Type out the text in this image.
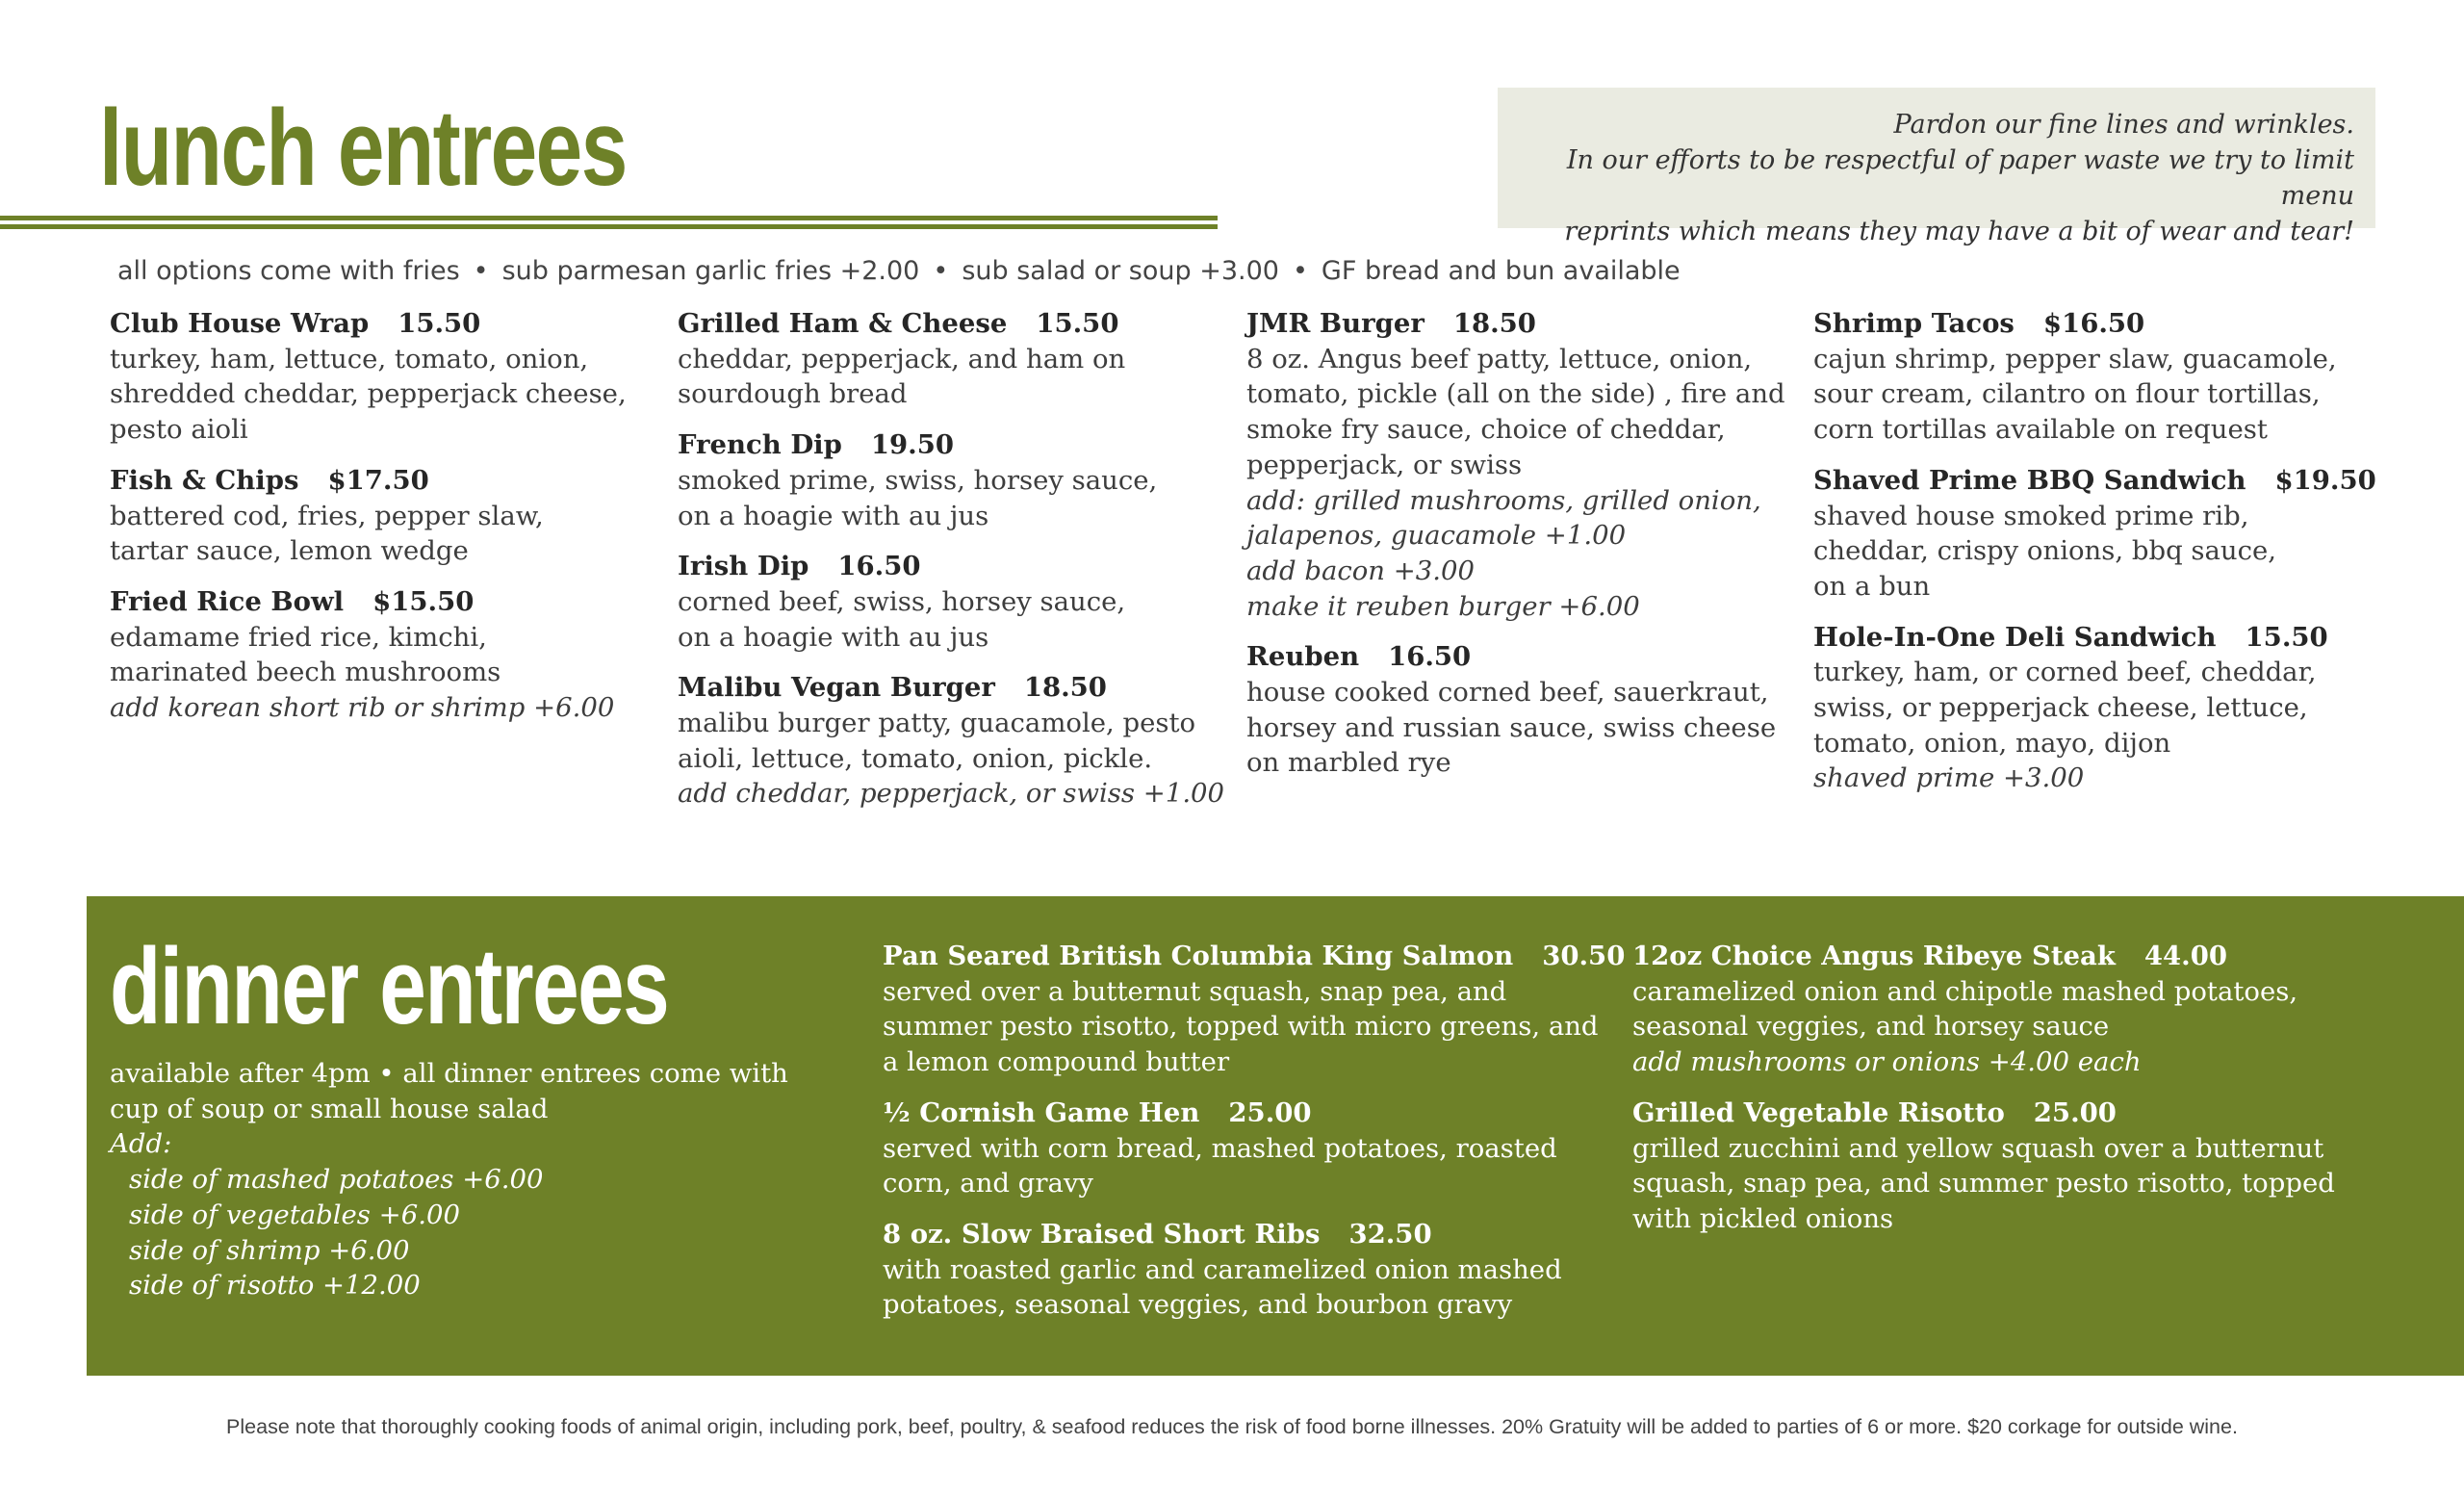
lunch entrees	Pardon our fine lines and wrinkles.
In our efforts to be respectful of paper waste we try to limit menu
reprints which means they may have a bit of wear and tear!
all options come with fries • sub parmesan garlic fries +2.00 • sub salad or soup +3.00 • GF bread and bun available
Club House Wrap 15.50
turkey, ham, lettuce, tomato, onion,
shredded cheddar, pepperjack cheese,
pesto aioli
Fish & Chips $17.50
battered cod, fries, pepper slaw,
tartar sauce, lemon wedge
Fried Rice Bowl $15.50
edamame fried rice, kimchi,
marinated beech mushrooms
add korean short rib or shrimp +6.00
Grilled Ham & Cheese 15.50
cheddar, pepperjack, and ham on
sourdough bread
French Dip 19.50
smoked prime, swiss, horsey sauce,
on a hoagie with au jus
Irish Dip 16.50
corned beef, swiss, horsey sauce,
on a hoagie with au jus
Malibu Vegan Burger 18.50
malibu burger patty, guacamole, pesto
aioli, lettuce, tomato, onion, pickle.
add cheddar, pepperjack, or swiss +1.00
JMR Burger 18.50
8 oz. Angus beef patty, lettuce, onion,
tomato, pickle (all on the side) , fire and
smoke fry sauce, choice of cheddar,
pepperjack, or swiss
add: grilled mushrooms, grilled onion,
jalapenos, guacamole +1.00
add bacon +3.00
make it reuben burger +6.00
Reuben 16.50
house cooked corned beef, sauerkraut,
horsey and russian sauce, swiss cheese
on marbled rye
Shrimp Tacos $16.50
cajun shrimp, pepper slaw, guacamole,
sour cream, cilantro on flour tortillas,
corn tortillas available on request
Shaved Prime BBQ Sandwich $19.50
shaved house smoked prime rib,
cheddar, crispy onions, bbq sauce,
on a bun
Hole-In-One Deli Sandwich 15.50
turkey, ham, or corned beef, cheddar,
swiss, or pepperjack cheese, lettuce,
tomato, onion, mayo, dijon
shaved prime +3.00
dinner entrees
available after 4pm • all dinner entrees come with
cup of soup or small house salad
Add:
side of mashed potatoes +6.00
side of vegetables +6.00
side of shrimp +6.00
side of risotto +12.00
Pan Seared British Columbia King Salmon 30.50
served over a butternut squash, snap pea, and
summer pesto risotto, topped with micro greens, and
a lemon compound butter
½ Cornish Game Hen 25.00
served with corn bread, mashed potatoes, roasted
corn, and gravy
8 oz. Slow Braised Short Ribs 32.50
with roasted garlic and caramelized onion mashed
potatoes, seasonal veggies, and bourbon gravy
12oz Choice Angus Ribeye Steak 44.00
caramelized onion and chipotle mashed potatoes,
seasonal veggies, and horsey sauce
add mushrooms or onions +4.00 each
Grilled Vegetable Risotto 25.00
grilled zucchini and yellow squash over a butternut
squash, snap pea, and summer pesto risotto, topped
with pickled onions
Please note that thoroughly cooking foods of animal origin, including pork, beef, poultry, & seafood reduces the risk of food borne illnesses. 20% Gratuity will be added to parties of 6 or more. $20 corkage for outside wine.
